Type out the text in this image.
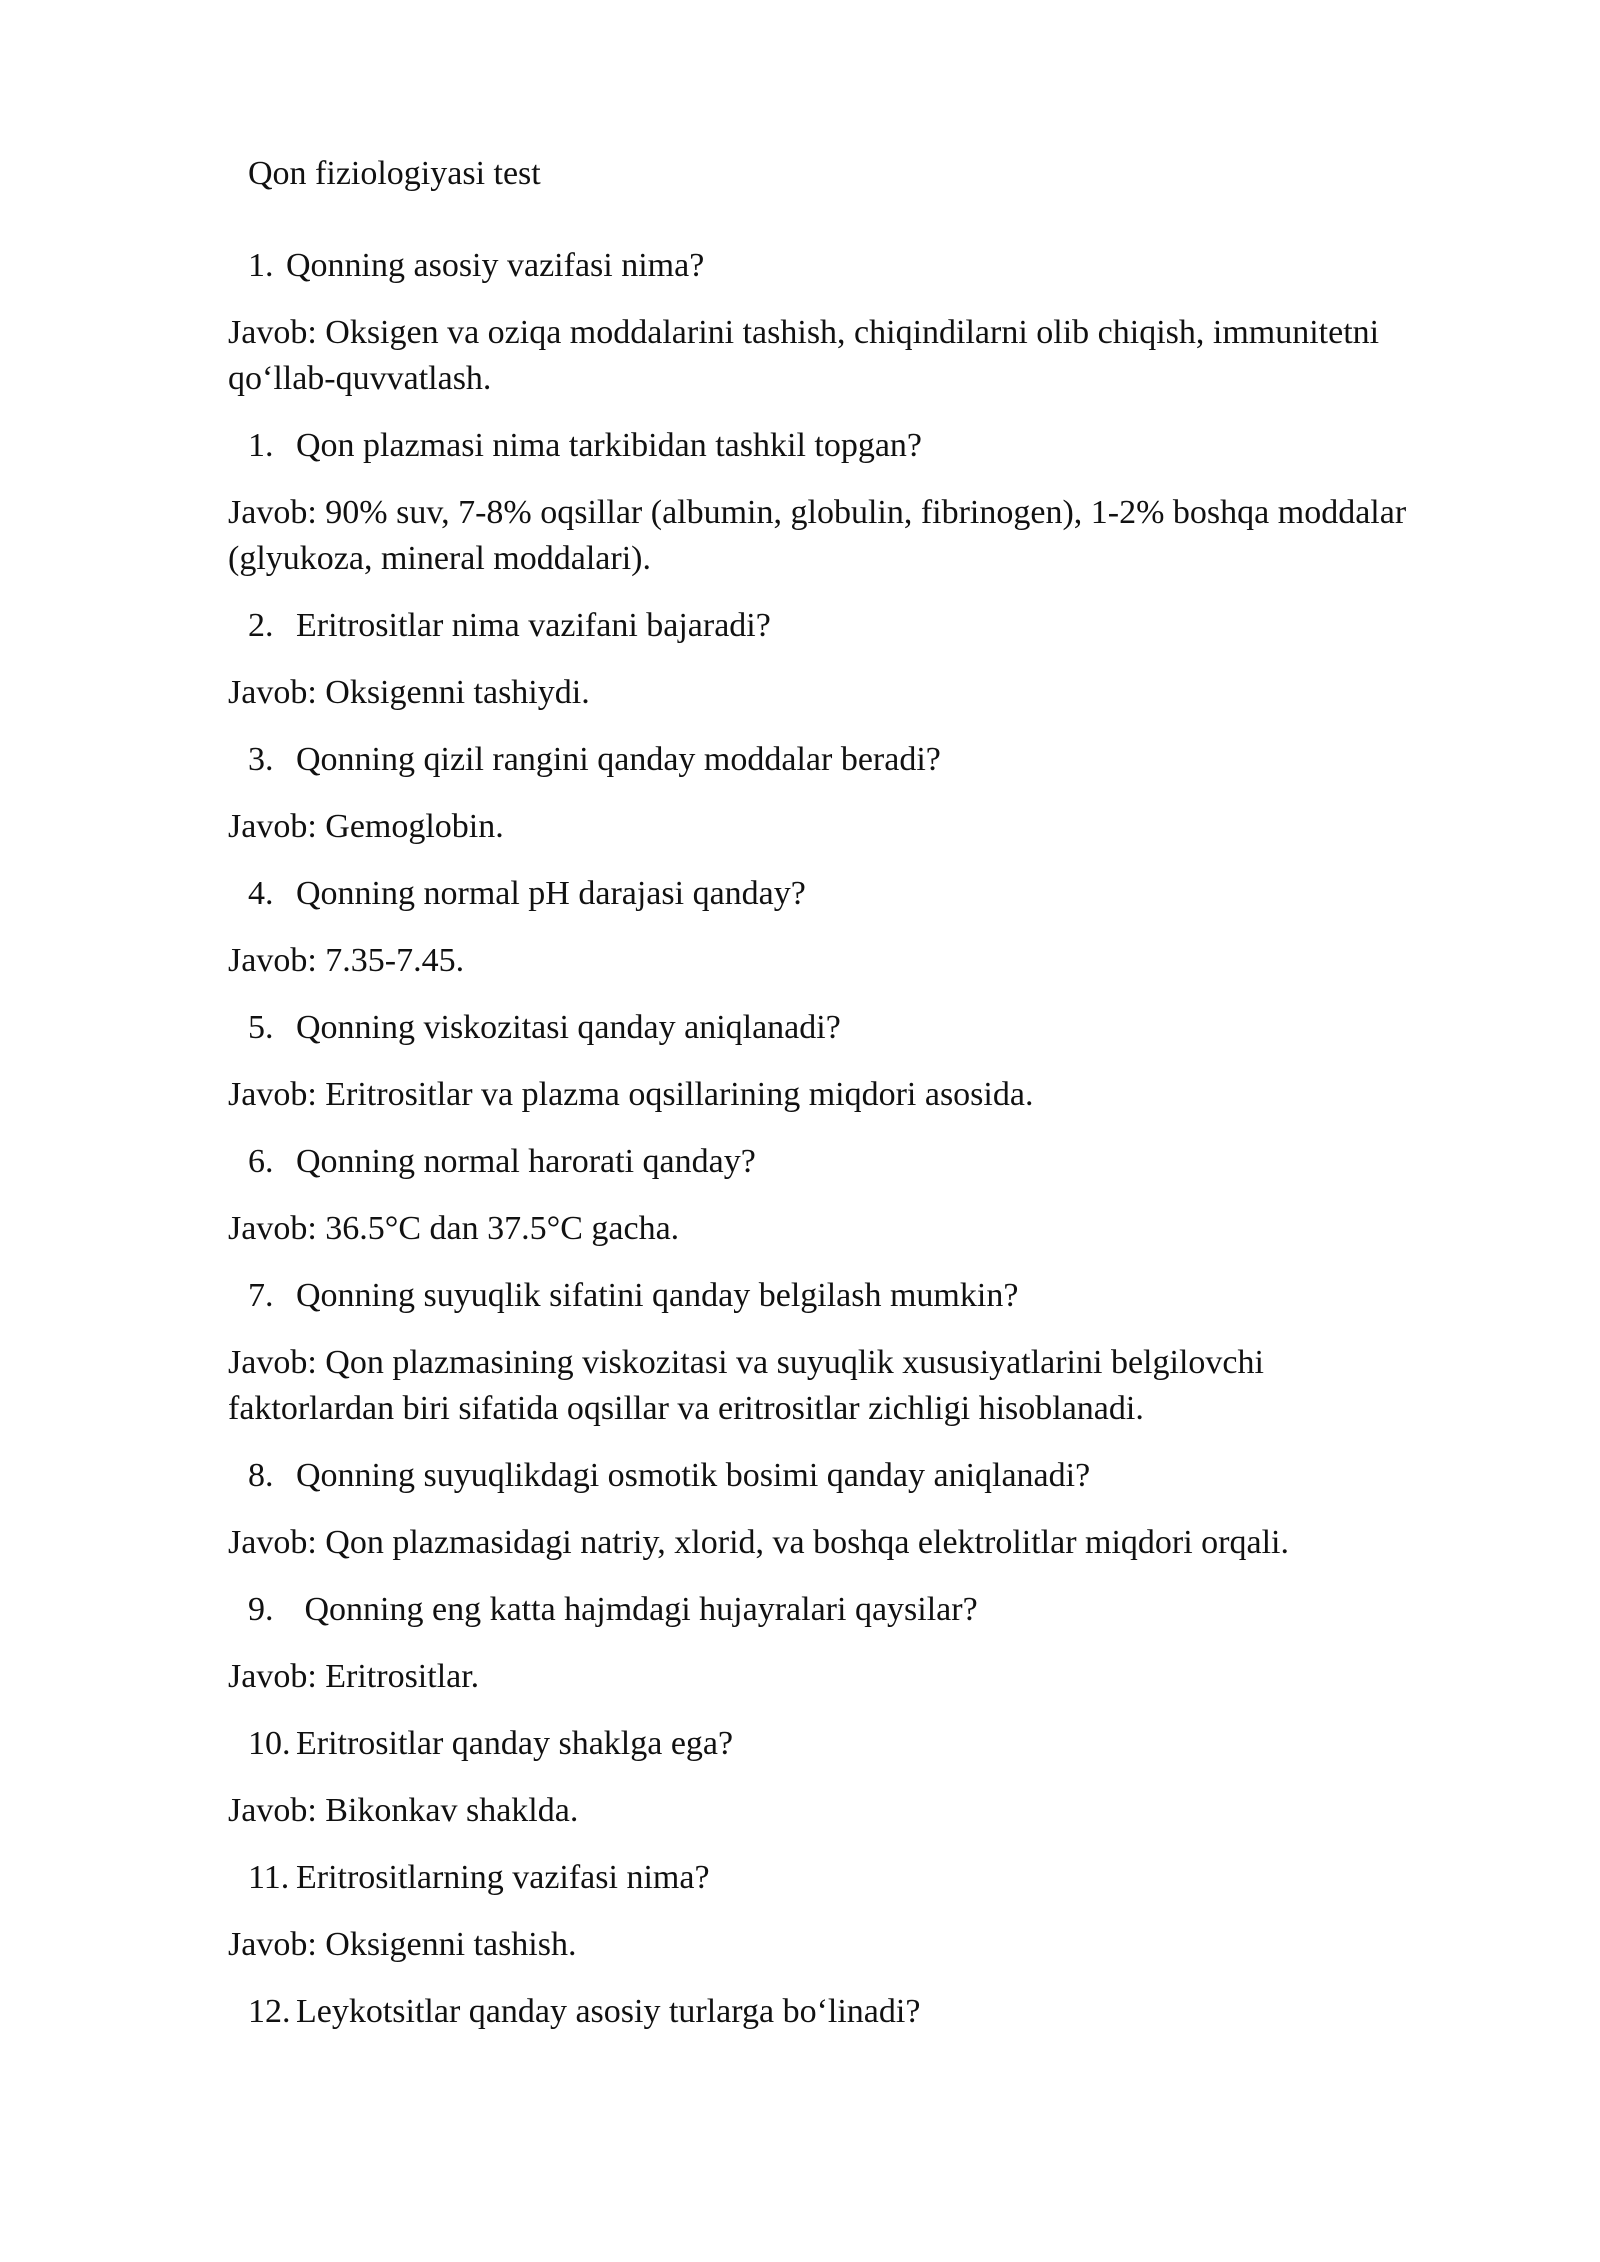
Qon fiziologiyasi test
1. Qonning asosiy vazifasi nima?
Javob: Oksigen va oziqa moddalarini tashish, chiqindilarni olib chiqish, immunitetni qo‘llab-quvvatlash.
1. Qon plazmasi nima tarkibidan tashkil topgan?
Javob: 90% suv, 7-8% oqsillar (albumin, globulin, fibrinogen), 1-2% boshqa moddalar (glyukoza, mineral moddalari).
2. Eritrositlar nima vazifani bajaradi?
Javob: Oksigenni tashiydi.
3. Qonning qizil rangini qanday moddalar beradi?
Javob: Gemoglobin.
4. Qonning normal pH darajasi qanday?
Javob: 7.35-7.45.
5. Qonning viskozitasi qanday aniqlanadi?
Javob: Eritrositlar va plazma oqsillarining miqdori asosida.
6. Qonning normal harorati qanday?
Javob: 36.5°C dan 37.5°C gacha.
7. Qonning suyuqlik sifatini qanday belgilash mumkin?
Javob: Qon plazmasining viskozitasi va suyuqlik xususiyatlarini belgilovchi faktorlardan biri sifatida oqsillar va eritrositlar zichligi hisoblanadi.
8. Qonning suyuqlikdagi osmotik bosimi qanday aniqlanadi?
Javob: Qon plazmasidagi natriy, xlorid, va boshqa elektrolitlar miqdori orqali.
9. Qonning eng katta hajmdagi hujayralari qaysilar?
Javob: Eritrositlar.
10. Eritrositlar qanday shaklga ega?
Javob: Bikonkav shaklda.
11. Eritrositlarning vazifasi nima?
Javob: Oksigenni tashish.
12. Leykotsitlar qanday asosiy turlarga bo‘linadi?
